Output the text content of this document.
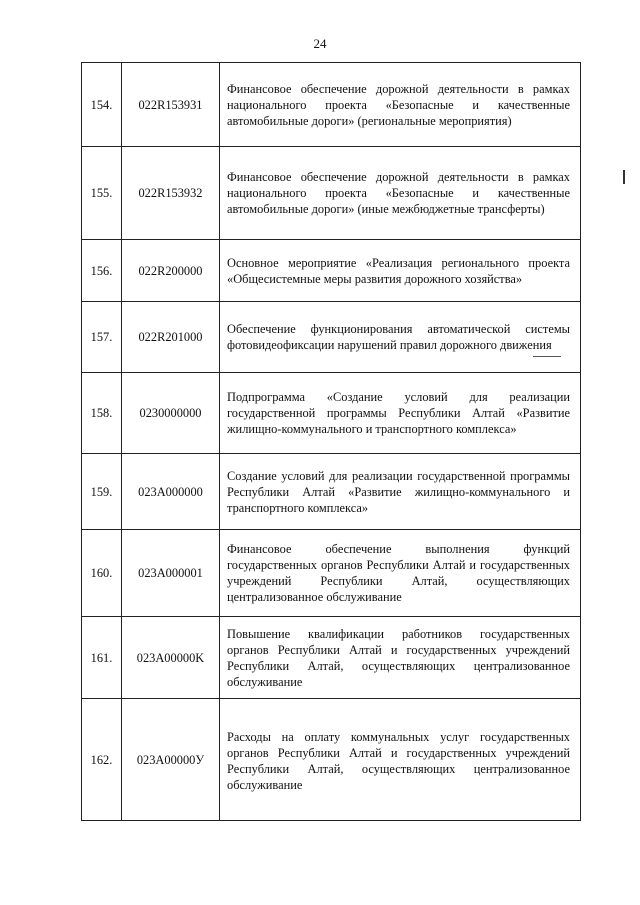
24
154.	022R153931
Финансовое обеспечение дорожной деятельности в рамках национального проекта «Безопасные и качественные автомобильные дороги» (региональные мероприятия)
155.	022R153932
Финансовое обеспечение дорожной деятельности в рамках национального проекта «Безопасные и качественные автомобильные дороги» (иные межбюджетные трансферты)
156.	022R200000
Основное мероприятие «Реализация регионального проекта «Общесистемные меры развития дорожного хозяйства»
157.	022R201000
Обеспечение функционирования автоматической системы фотовидеофиксации нарушений правил дорожного движения
158.	0230000000
Подпрограмма «Создание условий для реализации государственной программы Республики Алтай «Развитие жилищно-коммунального и транспортного комплекса»
159.	023A000000
Создание условий для реализации государственной программы Республики Алтай «Развитие жилищно-коммунального и транспортного комплекса»
160.	023A000001
Финансовое обеспечение выполнения функций государственных органов Республики Алтай и государственных учреждений Республики Алтай, осуществляющих централизованное обслуживание
161.	023A00000K
Повышение квалификации работников государственных органов Республики Алтай и государственных учреждений Республики Алтай, осуществляющих централизованное обслуживание
162.	023A00000У
Расходы на оплату коммунальных услуг государственных органов Республики Алтай и государственных учреждений Республики Алтай, осуществляющих централизованное обслуживание
